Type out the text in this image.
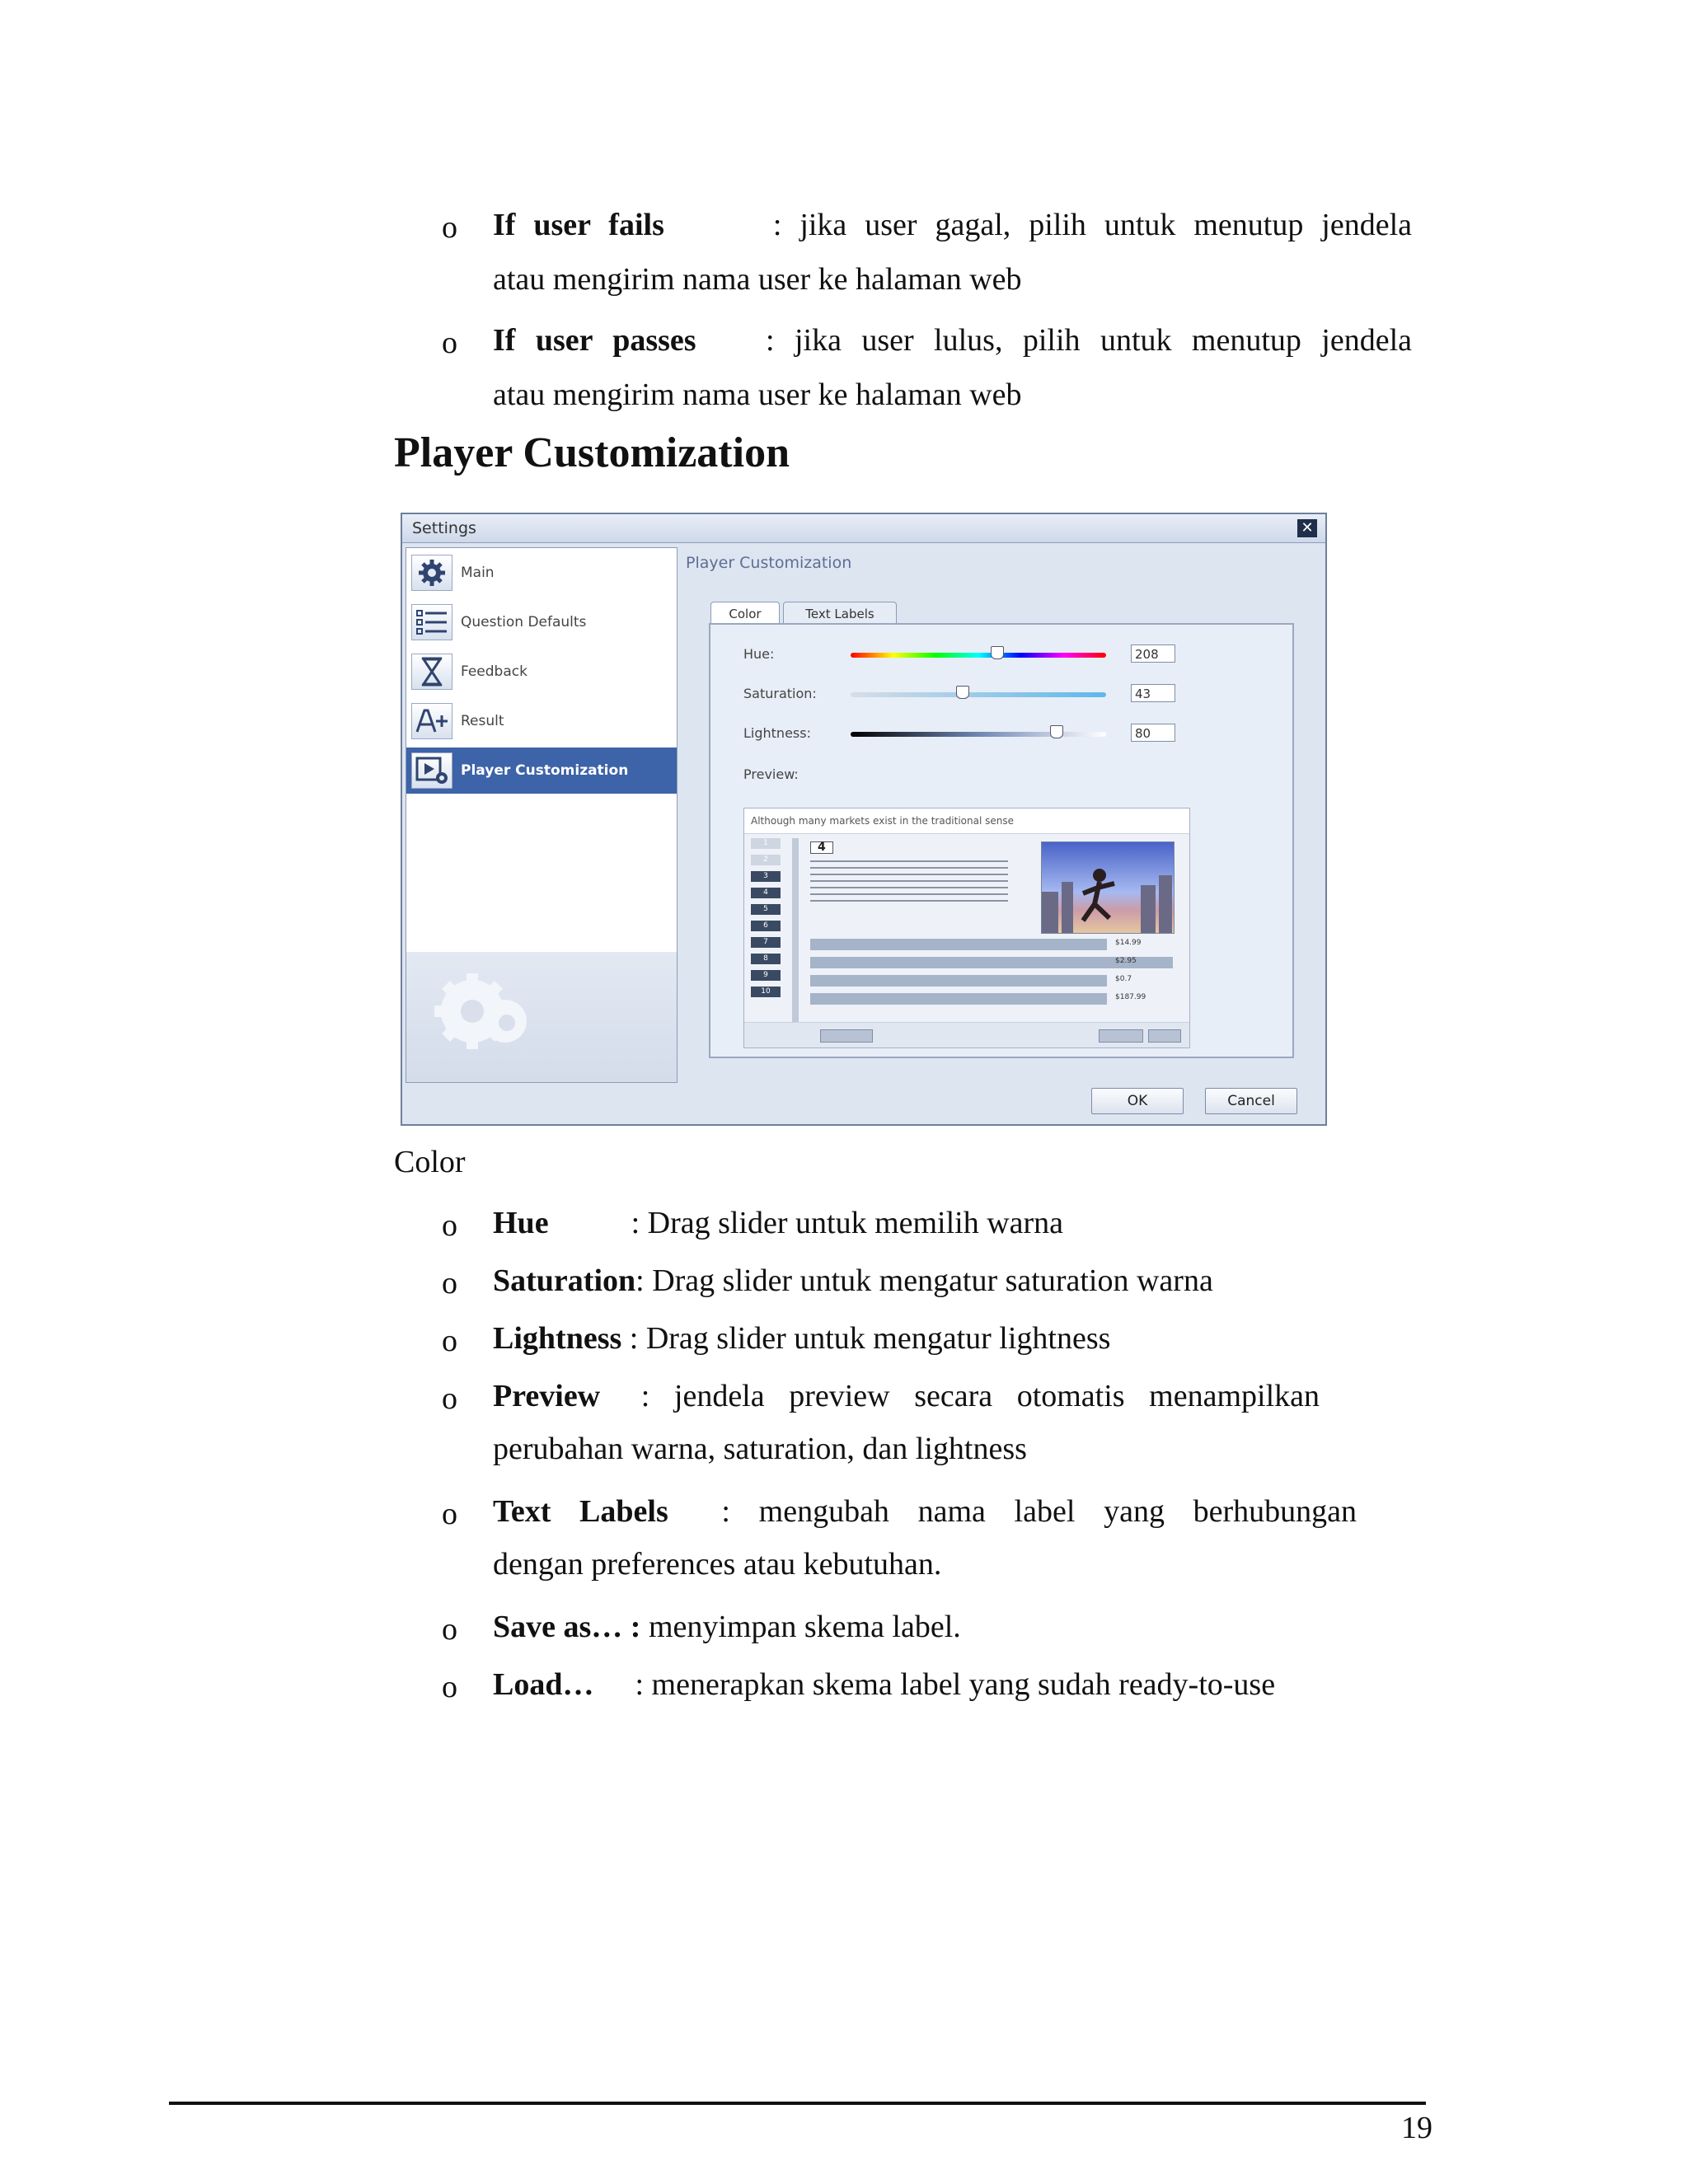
o If user fails	: jika user gagal, pilih untuk menutup jendela
atau mengirim nama user ke halaman web
o If user passes : jika user lulus, pilih untuk menutup jendela
atau mengirim nama user ke halaman web
Player Customization
Settings	✕
Main
Question Defaults
Feedback
Result
Player Customization
Player Customization
Color	Text Labels
Hue:	208
Saturation:	43
Lightness:	80
Preview:
Although many markets exist in the traditional sense
1
2
3
4
5
6
7
8
9
10
4
$14.99
$2.95
$0.7
$187.99
OK	Cancel
Color
o Hue	: Drag slider untuk memilih warna
o Saturation: Drag slider untuk mengatur saturation warna
o Lightness : Drag slider untuk mengatur lightness
o Preview : jendela preview secara otomatis menampilkan
perubahan warna, saturation, dan lightness
o Text Labels : mengubah nama label yang berhubungan
dengan preferences atau kebutuhan.
o Save as… : menyimpan skema label.
o Load… : menerapkan skema label yang sudah ready-to-use
19
